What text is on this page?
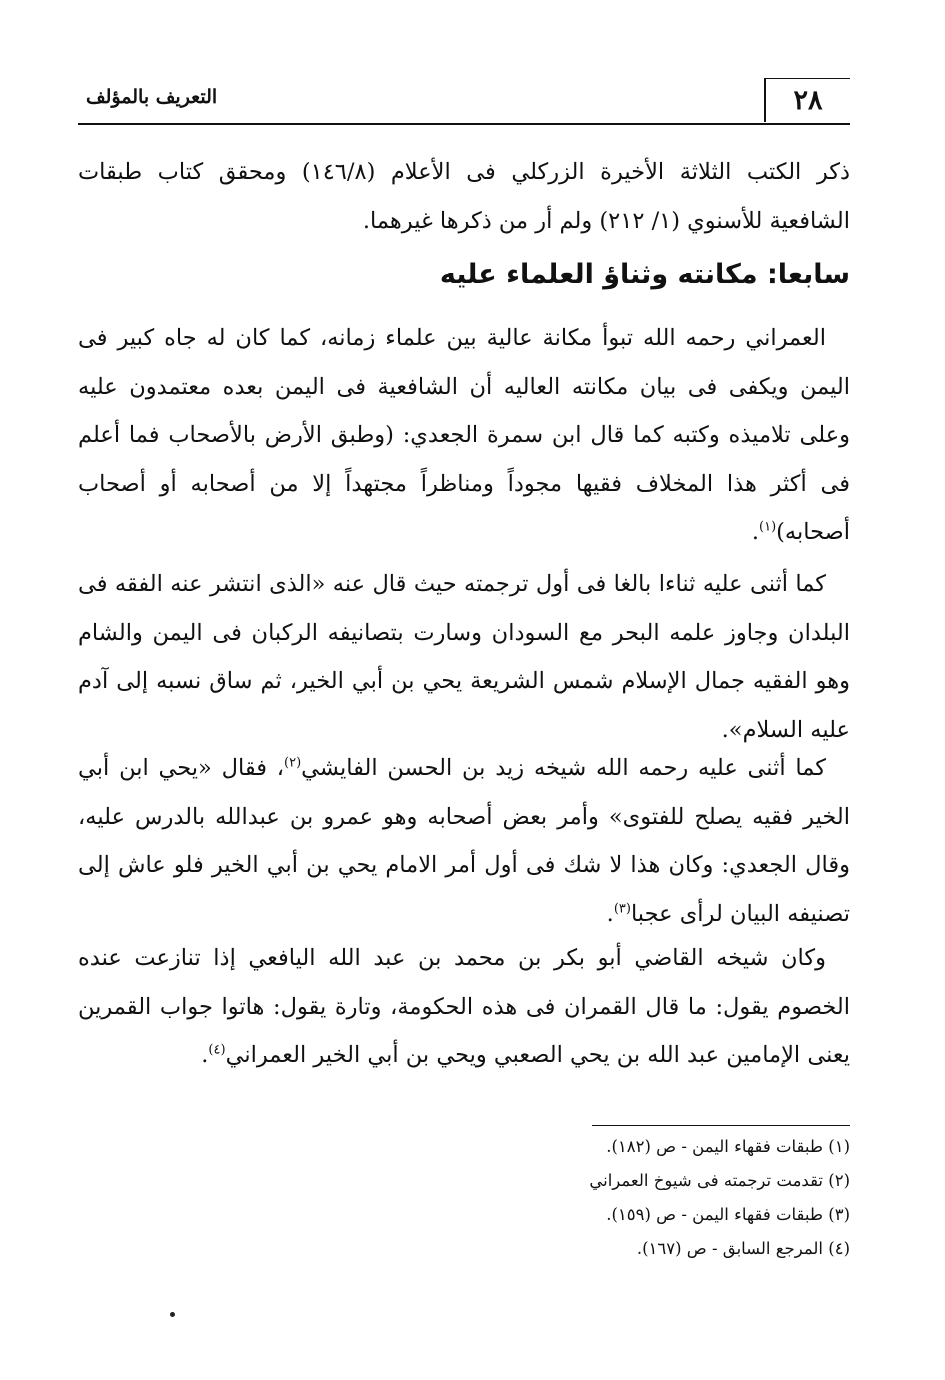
٢٨
التعريف بالمؤلف

ذكر الكتب الثلاثة الأخيرة الزركلي فى الأعلام (١٤٦/٨) ومحقق كتاب طبقات الشافعية للأسنوي (١/ ٢١٢) ولم أر من ذكرها غيرهما.

سابعا: مكانته وثناؤ العلماء عليه

العمراني رحمه الله تبوأ مكانة عالية بين علماء زمانه، كما كان له جاه كبير فى اليمن ويكفى فى بيان مكانته العاليه أن الشافعية فى اليمن بعده معتمدون عليه وعلى تلاميذه وكتبه كما قال ابن سمرة الجعدي: (وطبق الأرض بالأصحاب فما أعلم فى أكثر هذا المخلاف فقيها مجوداً ومناظراً مجتهداً إلا من أصحابه أو أصحاب أصحابه)$^{(١)}$.

كما أثنى عليه ثناءا بالغا فى أول ترجمته حيث قال عنه «الذى انتشر عنه الفقه فى البلدان وجاوز علمه البحر مع السودان وسارت بتصانيفه الركبان فى اليمن والشام وهو الفقيه جمال الإسلام شمس الشريعة يحي بن أبي الخير، ثم ساق نسبه إلى آدم عليه السلام».

كما أثنى عليه رحمه الله شيخه زيد بن الحسن الفايشي$^{(٢)}$، فقال «يحي ابن أبي الخير فقيه يصلح للفتوى» وأمر بعض أصحابه وهو عمرو بن عبدالله بالدرس عليه، وقال الجعدي: وكان هذا لا شك فى أول أمر الامام يحي بن أبي الخير فلو عاش إلى تصنيفه البيان لرأى عجبا$^{(٣)}$.

وكان شيخه القاضي أبو بكر بن محمد بن عبد الله اليافعي إذا تنازعت عنده الخصوم يقول: ما قال القمران فى هذه الحكومة، وتارة يقول: هاتوا جواب القمرين يعنى الإمامين عبد الله بن يحي الصعبي ويحي بن أبي الخير العمراني$^{(٤)}$.

(١) طبقات فقهاء اليمن - ص (١٨٢).

(٢) تقدمت ترجمته فى شيوخ العمراني

(٣) طبقات فقهاء اليمن - ص (١٥٩).

(٤) المرجع السابق - ص (١٦٧).
